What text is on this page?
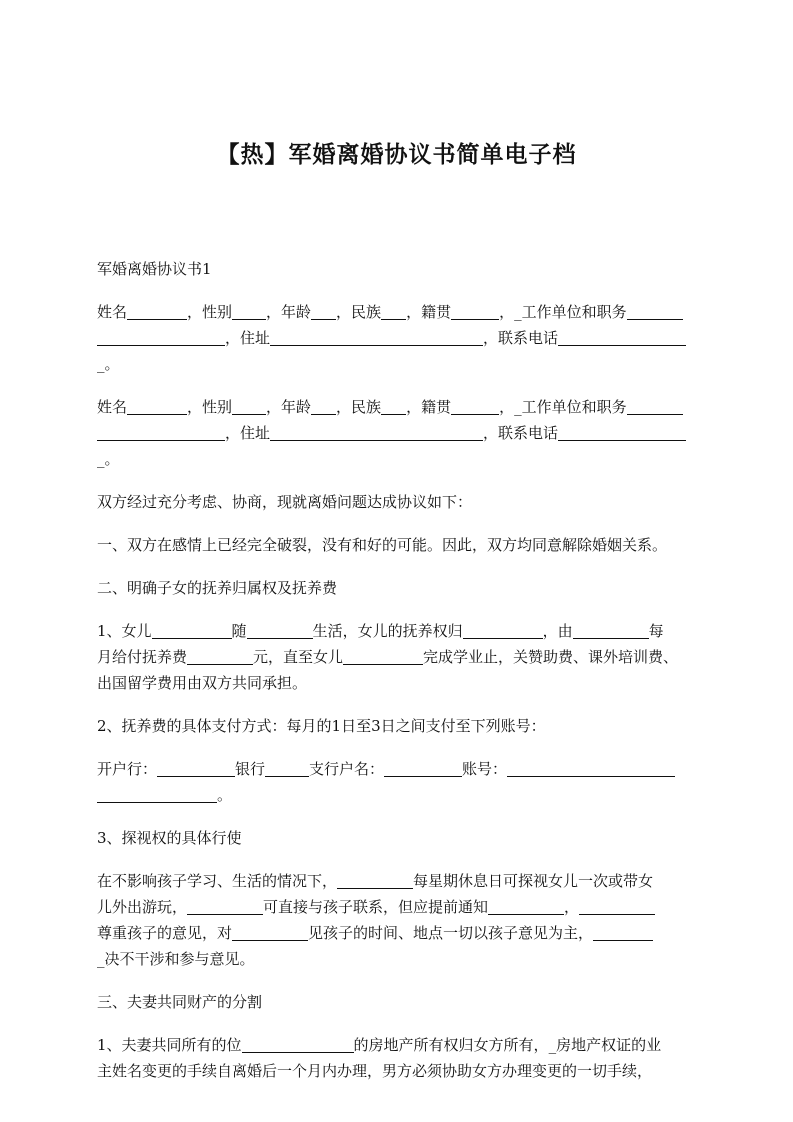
【热】军婚离婚协议书简单电子档

军婚离婚协议书1

姓名	，性别 ，年龄 ，民族 ，籍贯	，_工作单位和职务
，住址	，联系电话
_。

姓名	，性别 ，年龄 ，民族 ，籍贯	，_工作单位和职务
，住址	，联系电话
_。

双方经过充分考虑、协商，现就离婚问题达成协议如下：

一、双方在感情上已经完全破裂，没有和好的可能。因此，双方均同意解除婚姻关系。

二、明确子女的抚养归属权及抚养费

1、女儿	随	生活，女儿的抚养权归	，由	每
月给付抚养费	元，直至女儿	完成学业止，关赞助费、课外培训费、
出国留学费用由双方共同承担。

2、抚养费的具体支付方式：每月的1日至3日之间支付至下列账号：

开户行：	银行	支行户名：	账号：
。

3、探视权的具体行使

在不影响孩子学习、生活的情况下，	每星期休息日可探视女儿一次或带女
儿外出游玩，	可直接与孩子联系，但应提前通知	，
尊重孩子的意见，对	见孩子的时间、地点一切以孩子意见为主，
_决不干涉和参与意见。

三、夫妻共同财产的分割

1、夫妻共同所有的位	的房地产所有权归女方所有，_房地产权证的业
主姓名变更的手续自离婚后一个月内办理，男方必须协助女方办理变更的一切手续，
